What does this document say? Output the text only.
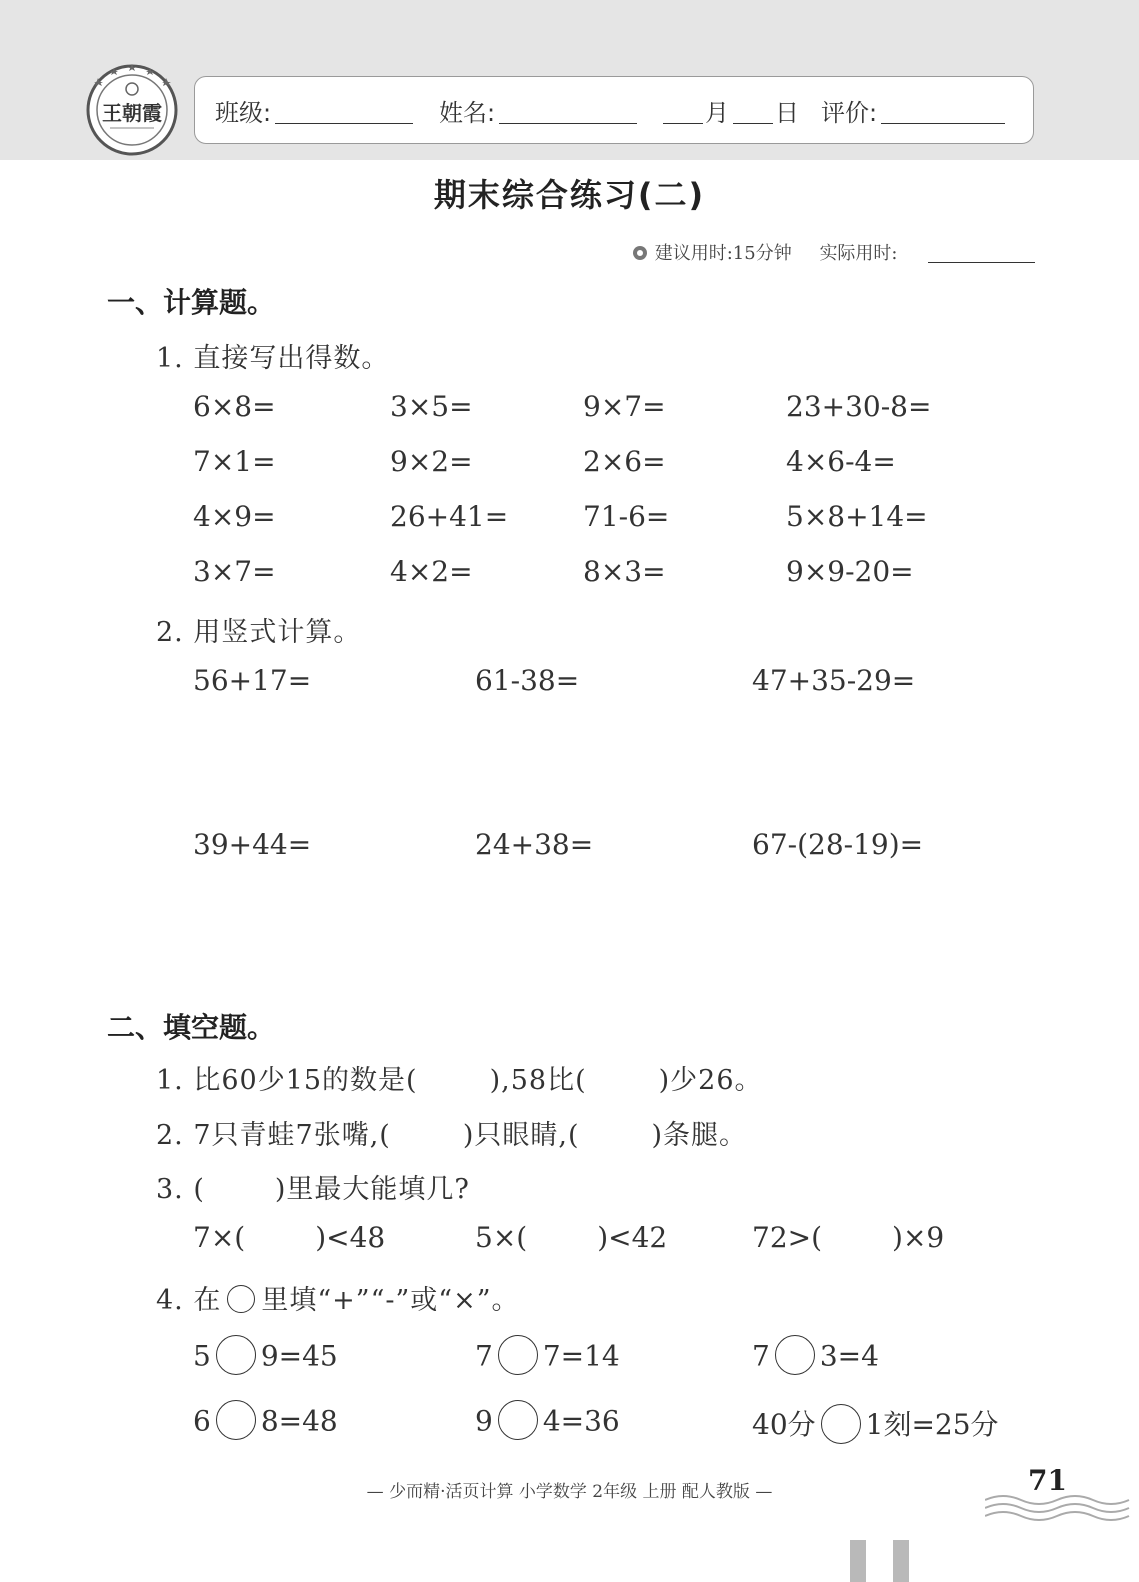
王朝霞 班级:	姓名:	月 日 评价:
期末综合练习(二)
建议用时:15分钟 实际用时:
一、计算题。
1. 直接写出得数。
6×8=	3×5=	9×7=	23+30-8=
7×1=	9×2=	2×6=	4×6-4=
4×9=	26+41=	71-6=	5×8+14=
3×7=	4×2=	8×3=	9×9-20=
2. 用竖式计算。
56+17=	61-38=	47+35-29=
39+44=	24+38=	67-(28-19)=
二、填空题。
1. 比60少15的数是(	),58比(	)少26。
2. 7只青蛙7张嘴,(	)只眼睛,(	)条腿。
3. (	)里最大能填几?
7×(	)<48	5×(	)<42	72>(	)×9
4. 在 里填“+”“-”或“×”。
5 9=45	7 7=14	7 3=4
6 8=48	9 4=36	40分 1刻=25分
— 少而精·活页计算 小学数学 2年级 上册 配人教版 —	71
